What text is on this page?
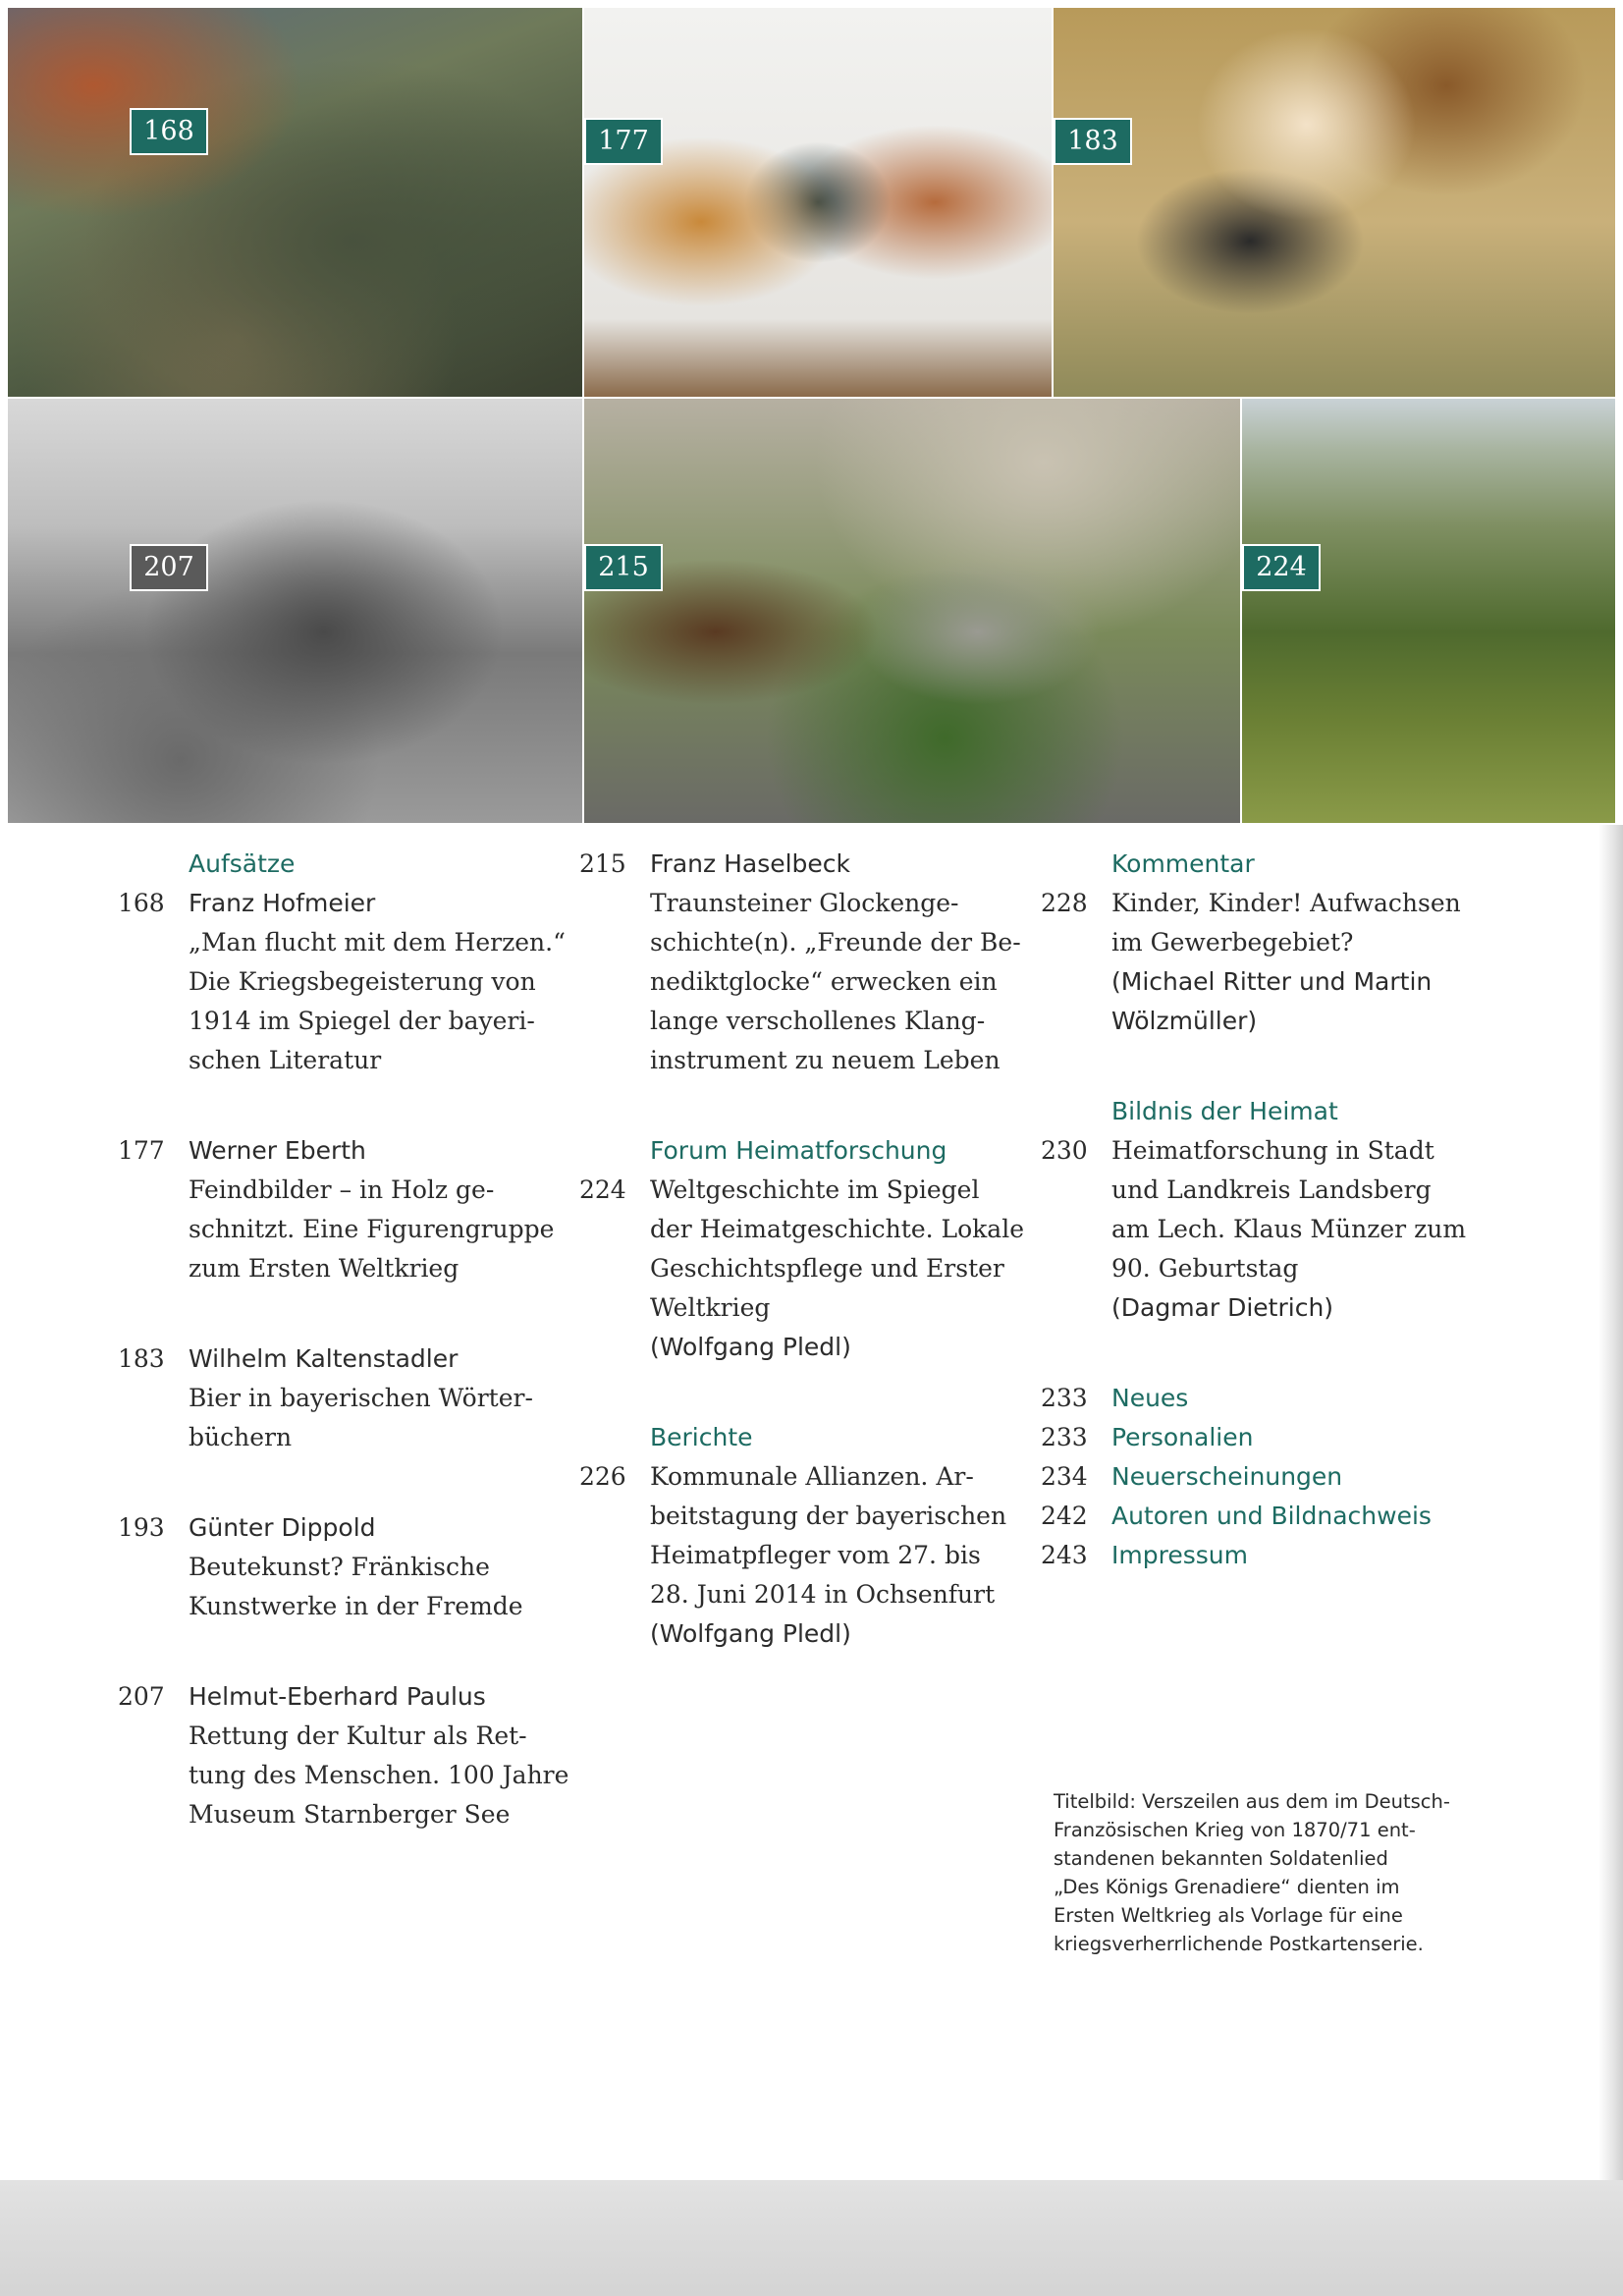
168	177	183
207	215	224
Aufsätze
168 Franz Hofmeier
„Man flucht mit dem Herzen.“
Die Kriegsbegeisterung von
1914 im Spiegel der bayeri-
schen Literatur
177 Werner Eberth
Feindbilder – in Holz ge-
schnitzt. Eine Figurengruppe
zum Ersten Weltkrieg
183 Wilhelm Kaltenstadler
Bier in bayerischen Wörter-
büchern
193 Günter Dippold
Beutekunst? Fränkische
Kunstwerke in der Fremde
207 Helmut-Eberhard Paulus
Rettung der Kultur als Ret-
tung des Menschen. 100 Jahre
Museum Starnberger See
215 Franz Haselbeck
Traunsteiner Glockenge-
schichte(n). „Freunde der Be-
nediktglocke“ erwecken ein
lange verschollenes Klang-
instrument zu neuem Leben
Forum Heimatforschung
224 Weltgeschichte im Spiegel
der Heimatgeschichte. Lokale
Geschichtspflege und Erster
Weltkrieg
(Wolfgang Pledl)
Berichte
226 Kommunale Allianzen. Ar-
beitstagung der bayerischen
Heimatpfleger vom 27. bis
28. Juni 2014 in Ochsenfurt
(Wolfgang Pledl)
Kommentar
228 Kinder, Kinder! Aufwachsen
im Gewerbegebiet?
(Michael Ritter und Martin
Wölzmüller)
Bildnis der Heimat
230 Heimatforschung in Stadt
und Landkreis Landsberg
am Lech. Klaus Münzer zum
90. Geburtstag
(Dagmar Dietrich)
233 Neues
233 Personalien
234 Neuerscheinungen
242 Autoren und Bildnachweis
243 Impressum
Titelbild: Verszeilen aus dem im Deutsch-
Französischen Krieg von 1870/71 ent-
standenen bekannten Soldatenlied
„Des Königs Grenadiere“ dienten im
Ersten Weltkrieg als Vorlage für eine
kriegsverherrlichende Postkartenserie.
